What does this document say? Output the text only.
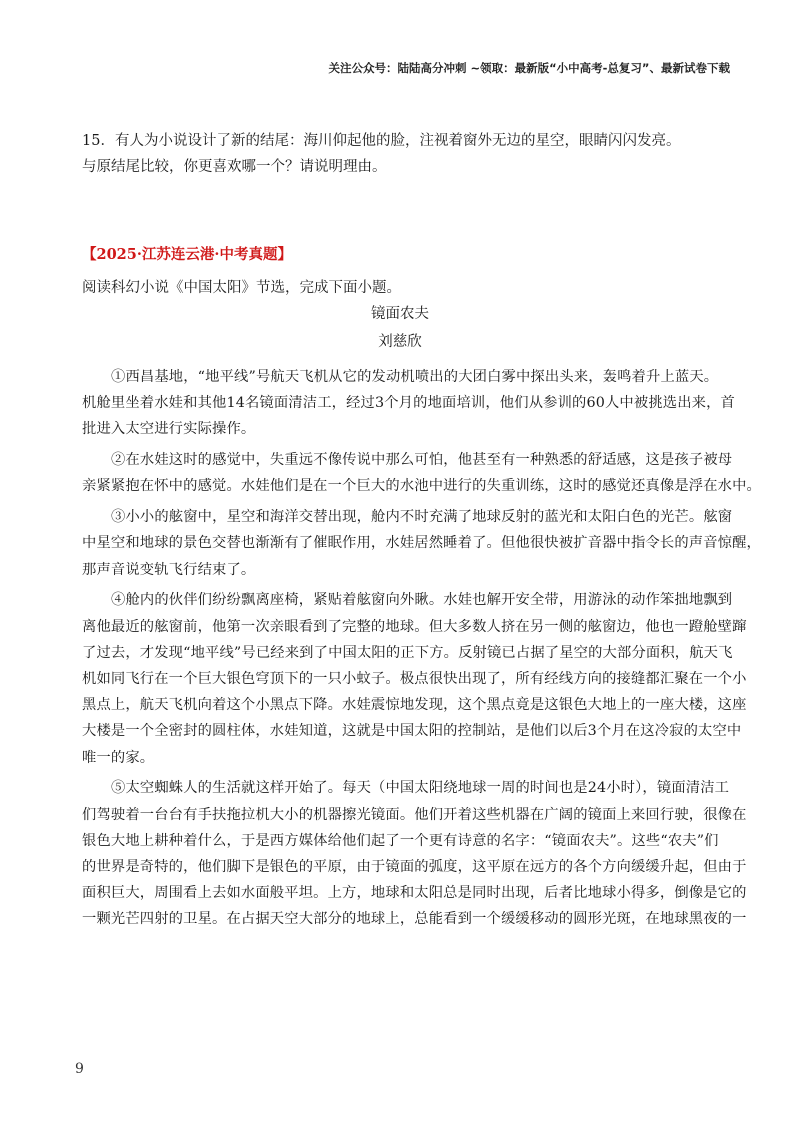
关注公众号：陆陆高分冲刺 ~领取：最新版“小中高考-总复习”、最新试卷下载
15．有人为小说设计了新的结尾：海川仰起他的脸，注视着窗外无边的星空，眼睛闪闪发亮。
与原结尾比较，你更喜欢哪一个？请说明理由。
【2025·江苏连云港·中考真题】
阅读科幻小说《中国太阳》节选，完成下面小题。
镜面农夫
刘慈欣
①西昌基地，“地平线”号航天飞机从它的发动机喷出的大团白雾中探出头来，轰鸣着升上蓝天。
机舱里坐着水娃和其他14名镜面清洁工，经过3个月的地面培训，他们从参训的60人中被挑选出来，首
批进入太空进行实际操作。
②在水娃这时的感觉中，失重远不像传说中那么可怕，他甚至有一种熟悉的舒适感，这是孩子被母
亲紧紧抱在怀中的感觉。水娃他们是在一个巨大的水池中进行的失重训练，这时的感觉还真像是浮在水中。
③小小的舷窗中，星空和海洋交替出现，舱内不时充满了地球反射的蓝光和太阳白色的光芒。舷窗
中星空和地球的景色交替也渐渐有了催眠作用，水娃居然睡着了。但他很快被扩音器中指令长的声音惊醒，
那声音说变轨飞行结束了。
④舱内的伙伴们纷纷飘离座椅，紧贴着舷窗向外瞅。水娃也解开安全带，用游泳的动作笨拙地飘到
离他最近的舷窗前，他第一次亲眼看到了完整的地球。但大多数人挤在另一侧的舷窗边，他也一蹬舱壁蹿
了过去，才发现“地平线”号已经来到了中国太阳的正下方。反射镜已占据了星空的大部分面积，航天飞
机如同飞行在一个巨大银色穹顶下的一只小蚊子。极点很快出现了，所有经线方向的接缝都汇聚在一个小
黑点上，航天飞机向着这个小黑点下降。水娃震惊地发现，这个黑点竟是这银色大地上的一座大楼，这座
大楼是一个全密封的圆柱体，水娃知道，这就是中国太阳的控制站，是他们以后3个月在这冷寂的太空中
唯一的家。
⑤太空蜘蛛人的生活就这样开始了。每天（中国太阳绕地球一周的时间也是24小时），镜面清洁工
们驾驶着一台台有手扶拖拉机大小的机器擦光镜面。他们开着这些机器在广阔的镜面上来回行驶，很像在
银色大地上耕种着什么，于是西方媒体给他们起了一个更有诗意的名字：“镜面农夫”。这些“农夫”们
的世界是奇特的，他们脚下是银色的平原，由于镜面的弧度，这平原在远方的各个方向缓缓升起，但由于
面积巨大，周围看上去如水面般平坦。上方，地球和太阳总是同时出现，后者比地球小得多，倒像是它的
一颗光芒四射的卫星。在占据天空大部分的地球上，总能看到一个缓缓移动的圆形光斑，在地球黑夜的一
9
